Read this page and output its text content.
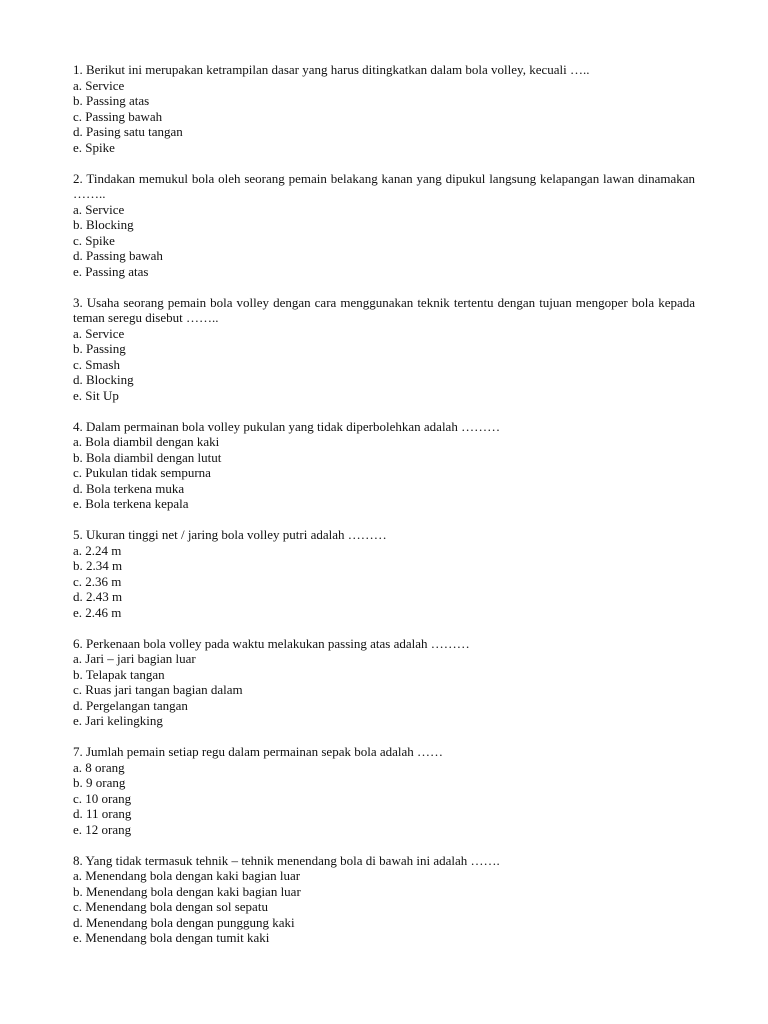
1. Berikut ini merupakan ketrampilan dasar yang harus ditingkatkan dalam bola volley, kecuali …..

a. Service
b. Passing atas
c. Passing bawah
d. Pasing satu tangan
e. Spike

2. Tindakan memukul bola oleh seorang pemain belakang kanan yang dipukul langsung kelapangan lawan dinamakan ……..

a. Service
b. Blocking
c. Spike
d. Passing bawah
e. Passing atas

3. Usaha seorang pemain bola volley dengan cara menggunakan teknik tertentu dengan tujuan mengoper bola kepada teman seregu disebut ……..

a. Service
b. Passing
c. Smash
d. Blocking
e. Sit Up

4. Dalam permainan bola volley pukulan yang tidak diperbolehkan adalah ………

a. Bola diambil dengan kaki
b. Bola diambil dengan lutut
c. Pukulan tidak sempurna
d. Bola terkena muka
e. Bola terkena kepala

5. Ukuran tinggi net / jaring bola volley putri adalah ………

a. 2.24 m
b. 2.34 m
c. 2.36 m
d. 2.43 m
e. 2.46 m

6. Perkenaan bola volley pada waktu melakukan passing atas adalah ………

a. Jari – jari bagian luar
b. Telapak tangan
c. Ruas jari tangan bagian dalam
d. Pergelangan tangan
e. Jari kelingking

7. Jumlah pemain setiap regu dalam permainan sepak bola adalah ……

a. 8 orang
b. 9 orang
c. 10 orang
d. 11 orang
e. 12 orang

8. Yang tidak termasuk tehnik – tehnik menendang bola di bawah ini adalah …….

a. Menendang bola dengan kaki bagian luar
b. Menendang bola dengan kaki bagian luar
c. Menendang bola dengan sol sepatu
d. Menendang bola dengan punggung kaki
e. Menendang bola dengan tumit kaki
